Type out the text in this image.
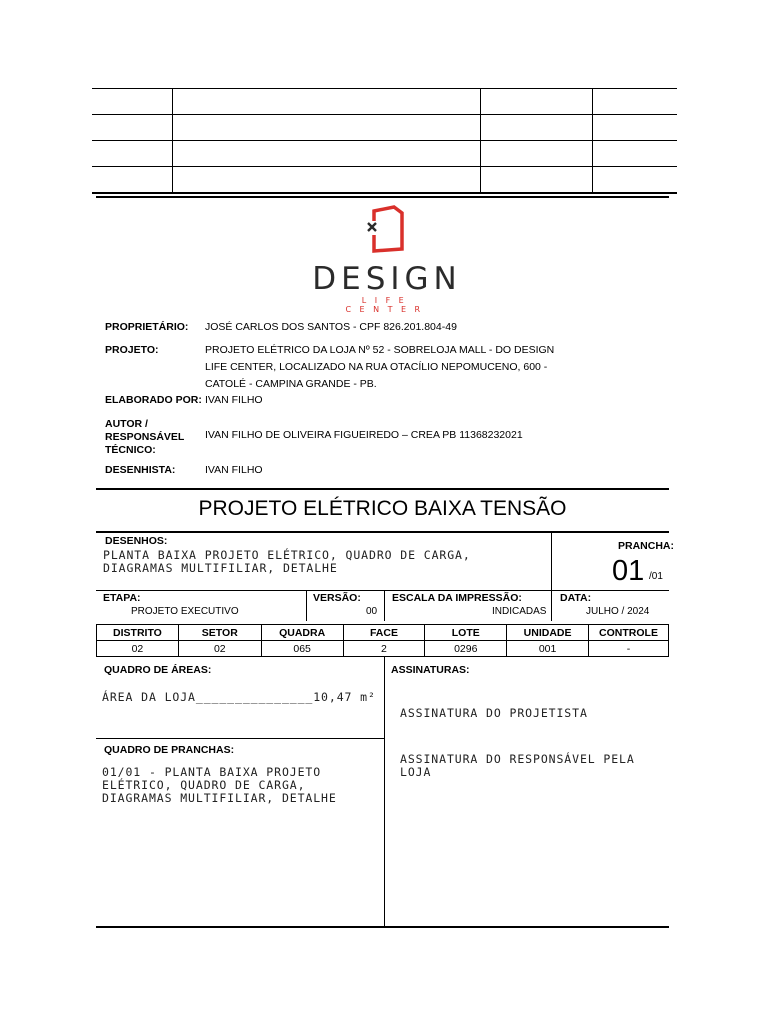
DESIGN
LIFE CENTER
PROPRIETÁRIO: JOSÉ CARLOS DOS SANTOS - CPF 826.201.804-49
PROJETO:	PROJETO ELÉTRICO DA LOJA Nº 52 - SOBRELOJA MALL - DO DESIGN
LIFE CENTER, LOCALIZADO NA RUA OTACÍLIO NEPOMUCENO, 600 -
CATOLÉ - CAMPINA GRANDE - PB.
ELABORADO POR: IVAN FILHO
AUTOR /
RESPONSÁVEL
TÉCNICO:
IVAN FILHO DE OLIVEIRA FIGUEIREDO – CREA PB 11368232021
DESENHISTA:	IVAN FILHO
PROJETO ELÉTRICO BAIXA TENSÃO
DESENHOS:
PLANTA BAIXA PROJETO ELÉTRICO, QUADRO DE CARGA,
DIAGRAMAS MULTIFILIAR, DETALHE
PRANCHA:
01 /01
ETAPA:
PROJETO EXECUTIVO
VERSÃO:
00
ESCALA DA IMPRESSÃO:
INDICADAS
DATA:
JULHO / 2024
DISTRITO	SETOR	QUADRA	FACE	LOTE	UNIDADE	CONTROLE
02	02	065	2	0296	001	-
QUADRO DE ÁREAS:
ÁREA DA LOJA_______________10,47 m²
QUADRO DE PRANCHAS:
01/01 - PLANTA BAIXA PROJETO
ELÉTRICO, QUADRO DE CARGA,
DIAGRAMAS MULTIFILIAR, DETALHE
ASSINATURAS:
ASSINATURA DO PROJETISTA
ASSINATURA DO RESPONSÁVEL PELA
LOJA
